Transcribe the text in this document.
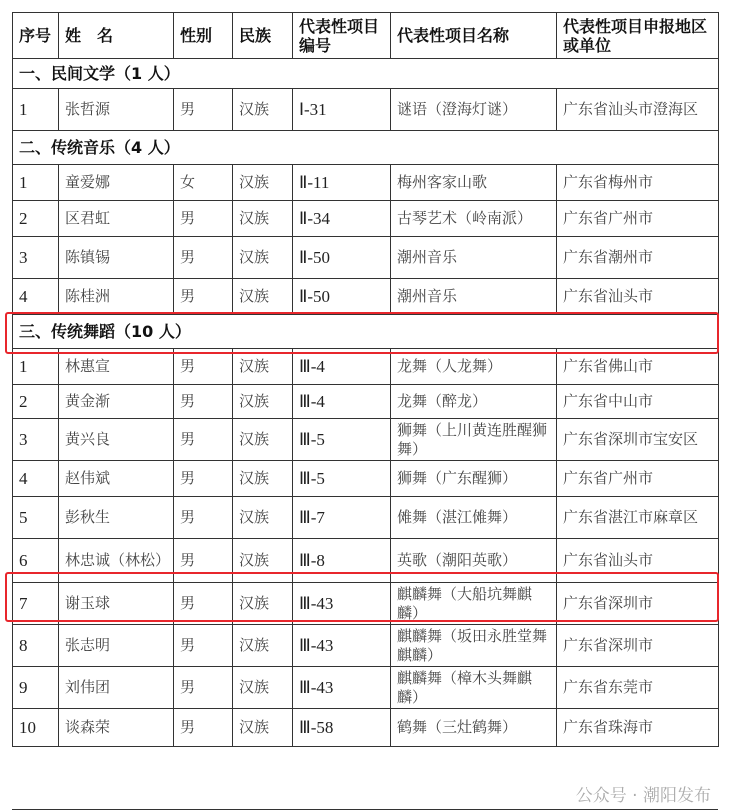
序号	姓　名	性别	民族	代表性项目编号	代表性项目名称	代表性项目申报地区或单位
一、民间文学（1 人）						
1	张哲源	男	汉族	Ⅰ-31	谜语（澄海灯谜）	广东省汕头市澄海区
二、传统音乐（4 人）						
1	童爱娜	女	汉族	Ⅱ-11	梅州客家山歌	广东省梅州市
2	区君虹	男	汉族	Ⅱ-34	古琴艺术（岭南派）	广东省广州市
3	陈镇锡	男	汉族	Ⅱ-50	潮州音乐	广东省潮州市
4	陈桂洲	男	汉族	Ⅱ-50	潮州音乐	广东省汕头市
三、传统舞蹈（10 人）						
1	林惠宣	男	汉族	Ⅲ-4	龙舞（人龙舞）	广东省佛山市
2	黄金渐	男	汉族	Ⅲ-4	龙舞（醉龙）	广东省中山市
3	黄兴良	男	汉族	Ⅲ-5	狮舞（上川黄连胜醒狮舞）	广东省深圳市宝安区
4	赵伟斌	男	汉族	Ⅲ-5	狮舞（广东醒狮）	广东省广州市
5	彭秋生	男	汉族	Ⅲ-7	傩舞（湛江傩舞）	广东省湛江市麻章区
6	林忠诚（林松）	男	汉族	Ⅲ-8	英歌（潮阳英歌）	广东省汕头市
7	谢玉球	男	汉族	Ⅲ-43	麒麟舞（大船坑舞麒麟）	广东省深圳市
8	张志明	男	汉族	Ⅲ-43	麒麟舞（坂田永胜堂舞麒麟）	广东省深圳市
9	刘伟团	男	汉族	Ⅲ-43	麒麟舞（樟木头舞麒麟）	广东省东莞市
10	谈森荣	男	汉族	Ⅲ-58	鹤舞（三灶鹤舞）	广东省珠海市
公众号 · 潮阳发布
